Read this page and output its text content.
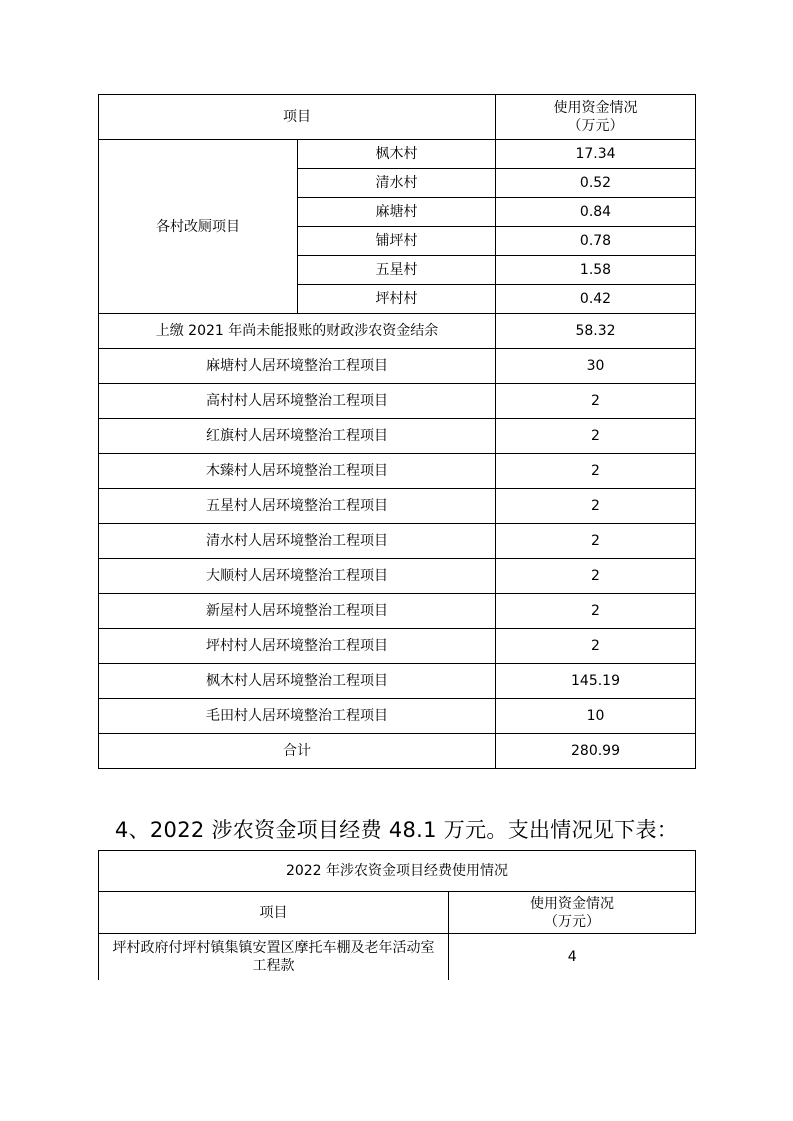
项目		使用资金情况
（万元）

各村改厕项目	枫木村	17.34
	清水村	0.52
	麻塘村	0.84
	铺坪村	0.78
	五星村	1.58
	坪村村	0.42
上缴 2021 年尚未能报账的财政涉农资金结余		58.32
麻塘村人居环境整治工程项目		30
高村村人居环境整治工程项目		2
红旗村人居环境整治工程项目		2
木臻村人居环境整治工程项目		2
五星村人居环境整治工程项目		2
清水村人居环境整治工程项目		2
大顺村人居环境整治工程项目		2
新屋村人居环境整治工程项目		2
坪村村人居环境整治工程项目		2
枫木村人居环境整治工程项目		145.19
毛田村人居环境整治工程项目		10
合计		280.99
4、2022 涉农资金项目经费 48.1 万元。支出情况见下表：
2022 年涉农资金项目经费使用情况	
项目	使用资金情况
（万元）

坪村政府付坪村镇集镇安置区摩托车棚及老年活动室工程款	4
